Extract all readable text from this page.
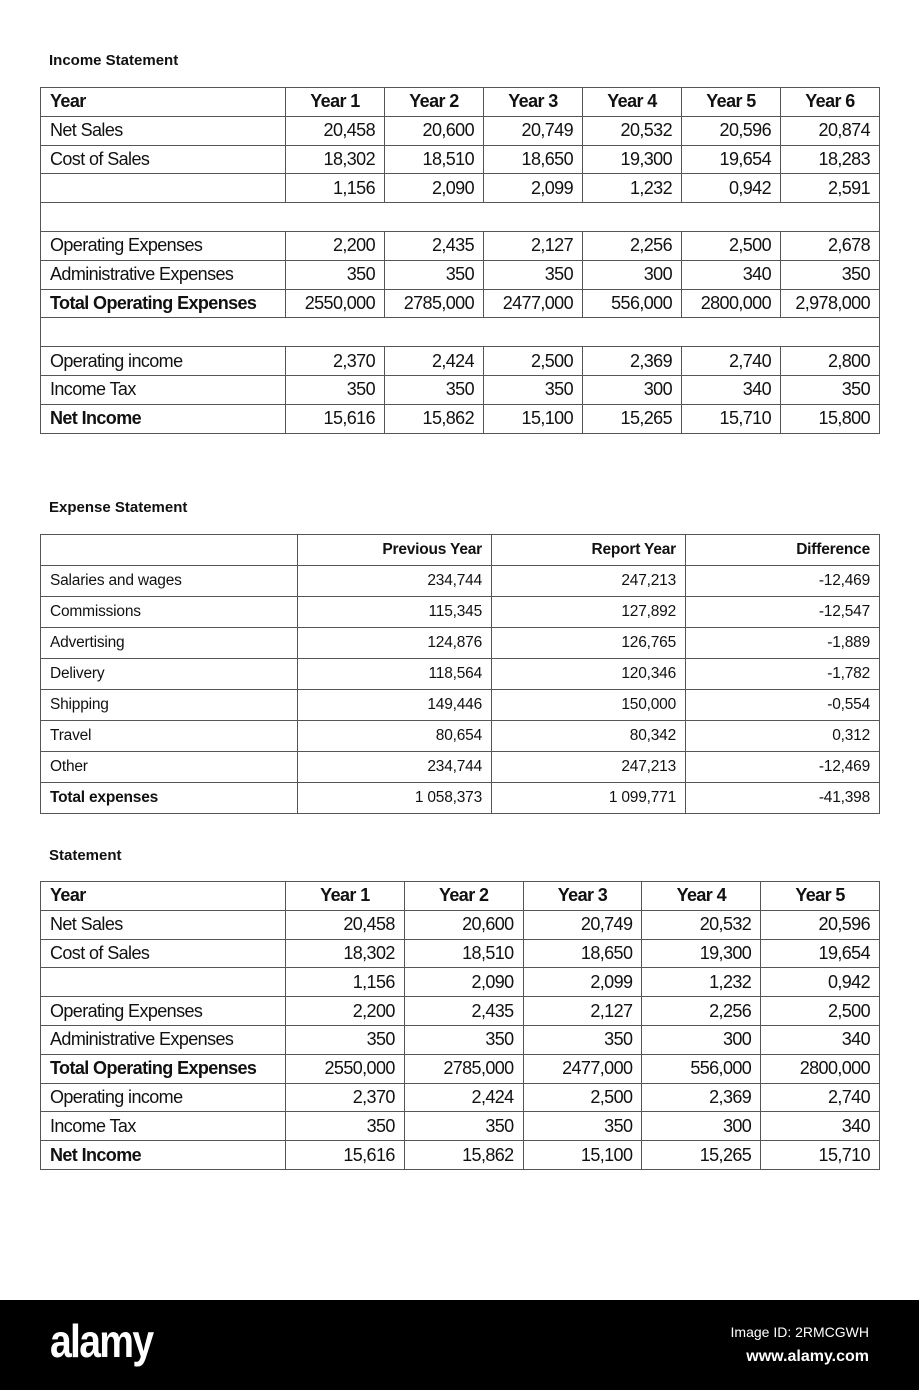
Income Statement
Year	Year 1	Year 2	Year 3	Year 4	Year 5	Year 6
Net Sales	20,458	20,600	20,749	20,532	20,596	20,874
Cost of Sales	18,302	18,510	18,650	19,300	19,654	18,283
	1,156	2,090	2,099	1,232	0,942	2,591

Operating Expenses	2,200	2,435	2,127	2,256	2,500	2,678
Administrative Expenses	350	350	350	300	340	350
Total Operating Expenses	2550,000	2785,000	2477,000	556,000	2800,000	2,978,000

Operating income	2,370	2,424	2,500	2,369	2,740	2,800
Income Tax	350	350	350	300	340	350
Net Income	15,616	15,862	15,100	15,265	15,710	15,800
Expense Statement
	Previous Year	Report Year	Difference
Salaries and wages	234,744	247,213	-12,469
Commissions	115,345	127,892	-12,547
Advertising	124,876	126,765	-1,889
Delivery	118,564	120,346	-1,782
Shipping	149,446	150,000	-0,554
Travel	80,654	80,342	0,312
Other	234,744	247,213	-12,469
Total expenses	1 058,373	1 099,771	-41,398
Statement
Year	Year 1	Year 2	Year 3	Year 4	Year 5
Net Sales	20,458	20,600	20,749	20,532	20,596
Cost of Sales	18,302	18,510	18,650	19,300	19,654
	1,156	2,090	2,099	1,232	0,942
Operating Expenses	2,200	2,435	2,127	2,256	2,500
Administrative Expenses	350	350	350	300	340
Total Operating Expenses	2550,000	2785,000	2477,000	556,000	2800,000
Operating income	2,370	2,424	2,500	2,369	2,740
Income Tax	350	350	350	300	340
Net Income	15,616	15,862	15,100	15,265	15,710
alamy	Image ID: 2RMCGWH
www.alamy.com
